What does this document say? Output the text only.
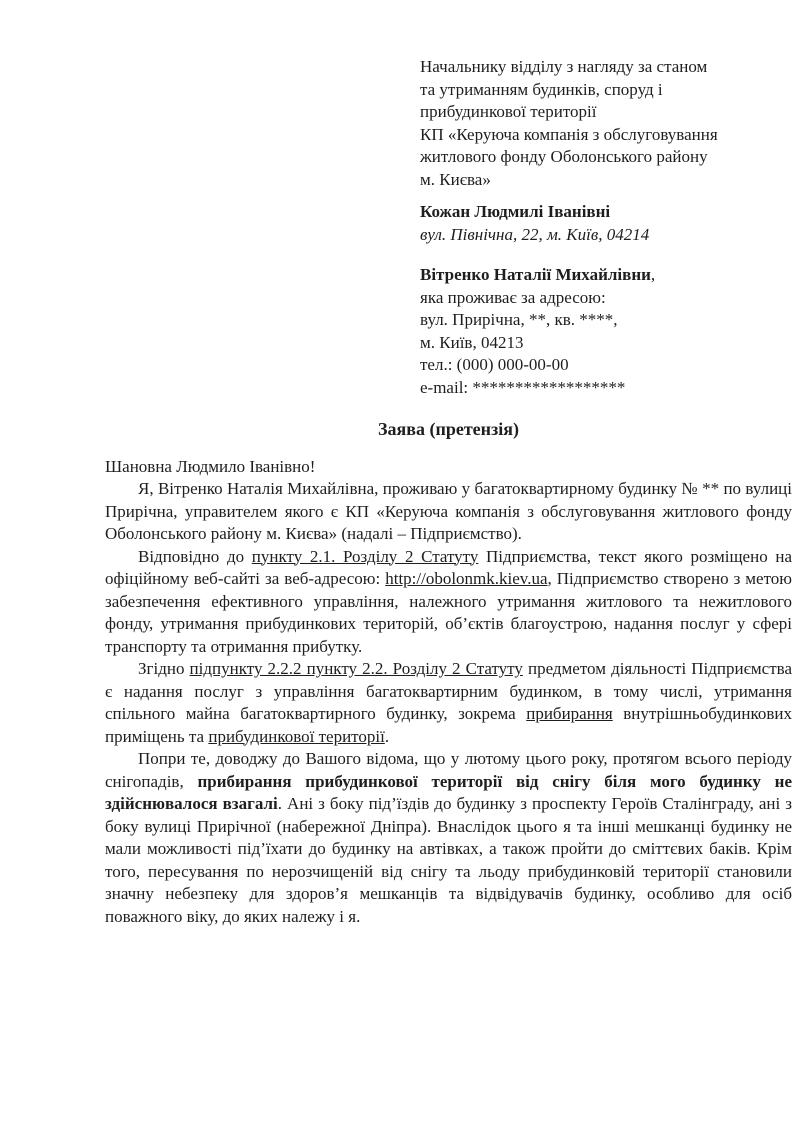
Начальнику відділу з нагляду за станом
та утриманням будинків, споруд і
прибудинкової території
КП «Керуюча компанія з обслуговування
житлового фонду Оболонського району
м. Києва»
Кожан Людмилі Іванівні
вул. Північна, 22, м. Київ, 04214
Вітренко Наталії Михайлівни,
яка проживає за адресою:
вул. Прирічна, **, кв. ****,
м. Київ, 04213
тел.: (000) 000-00-00
e-mail: ******************
Заява (претензія)
Шановна Людмило Іванівно!

Я, Вітренко Наталія Михайлівна, проживаю у багатоквартирному будинку № ** по вулиці Прирічна, управителем якого є КП «Керуюча компанія з обслуговування житлового фонду Оболонського району м. Києва» (надалі – Підприємство).

Відповідно до пункту 2.1. Розділу 2 Статуту Підприємства, текст якого розміщено на офіційному веб-сайті за веб-адресою: http://obolonmk.kiev.ua, Підприємство створено з метою забезпечення ефективного управління, належного утримання житлового та нежитлового фонду, утримання прибудинкових територій, об’єктів благоустрою, надання послуг у сфері транспорту та отримання прибутку.

Згідно підпункту 2.2.2 пункту 2.2. Розділу 2 Статуту предметом діяльності Підприємства є надання послуг з управління багатоквартирним будинком, в тому числі, утримання спільного майна багатоквартирного будинку, зокрема прибирання внутрішньобудинкових приміщень та прибудинкової території.

Попри те, доводжу до Вашого відома, що у лютому цього року, протягом всього періоду снігопадів, прибирання прибудинкової території від снігу біля мого будинку не здійснювалося взагалі. Ані з боку під’їздів до будинку з проспекту Героїв Сталінграду, ані з боку вулиці Прирічної (набережної Дніпра). Внаслідок цього я та інші мешканці будинку не мали можливості під’їхати до будинку на автівках, а також пройти до сміттєвих баків. Крім того, пересування по нерозчищеній від снігу та льоду прибудинковій території становили значну небезпеку для здоров’я мешканців та відвідувачів будинку, особливо для осіб поважного віку, до яких належу і я.
